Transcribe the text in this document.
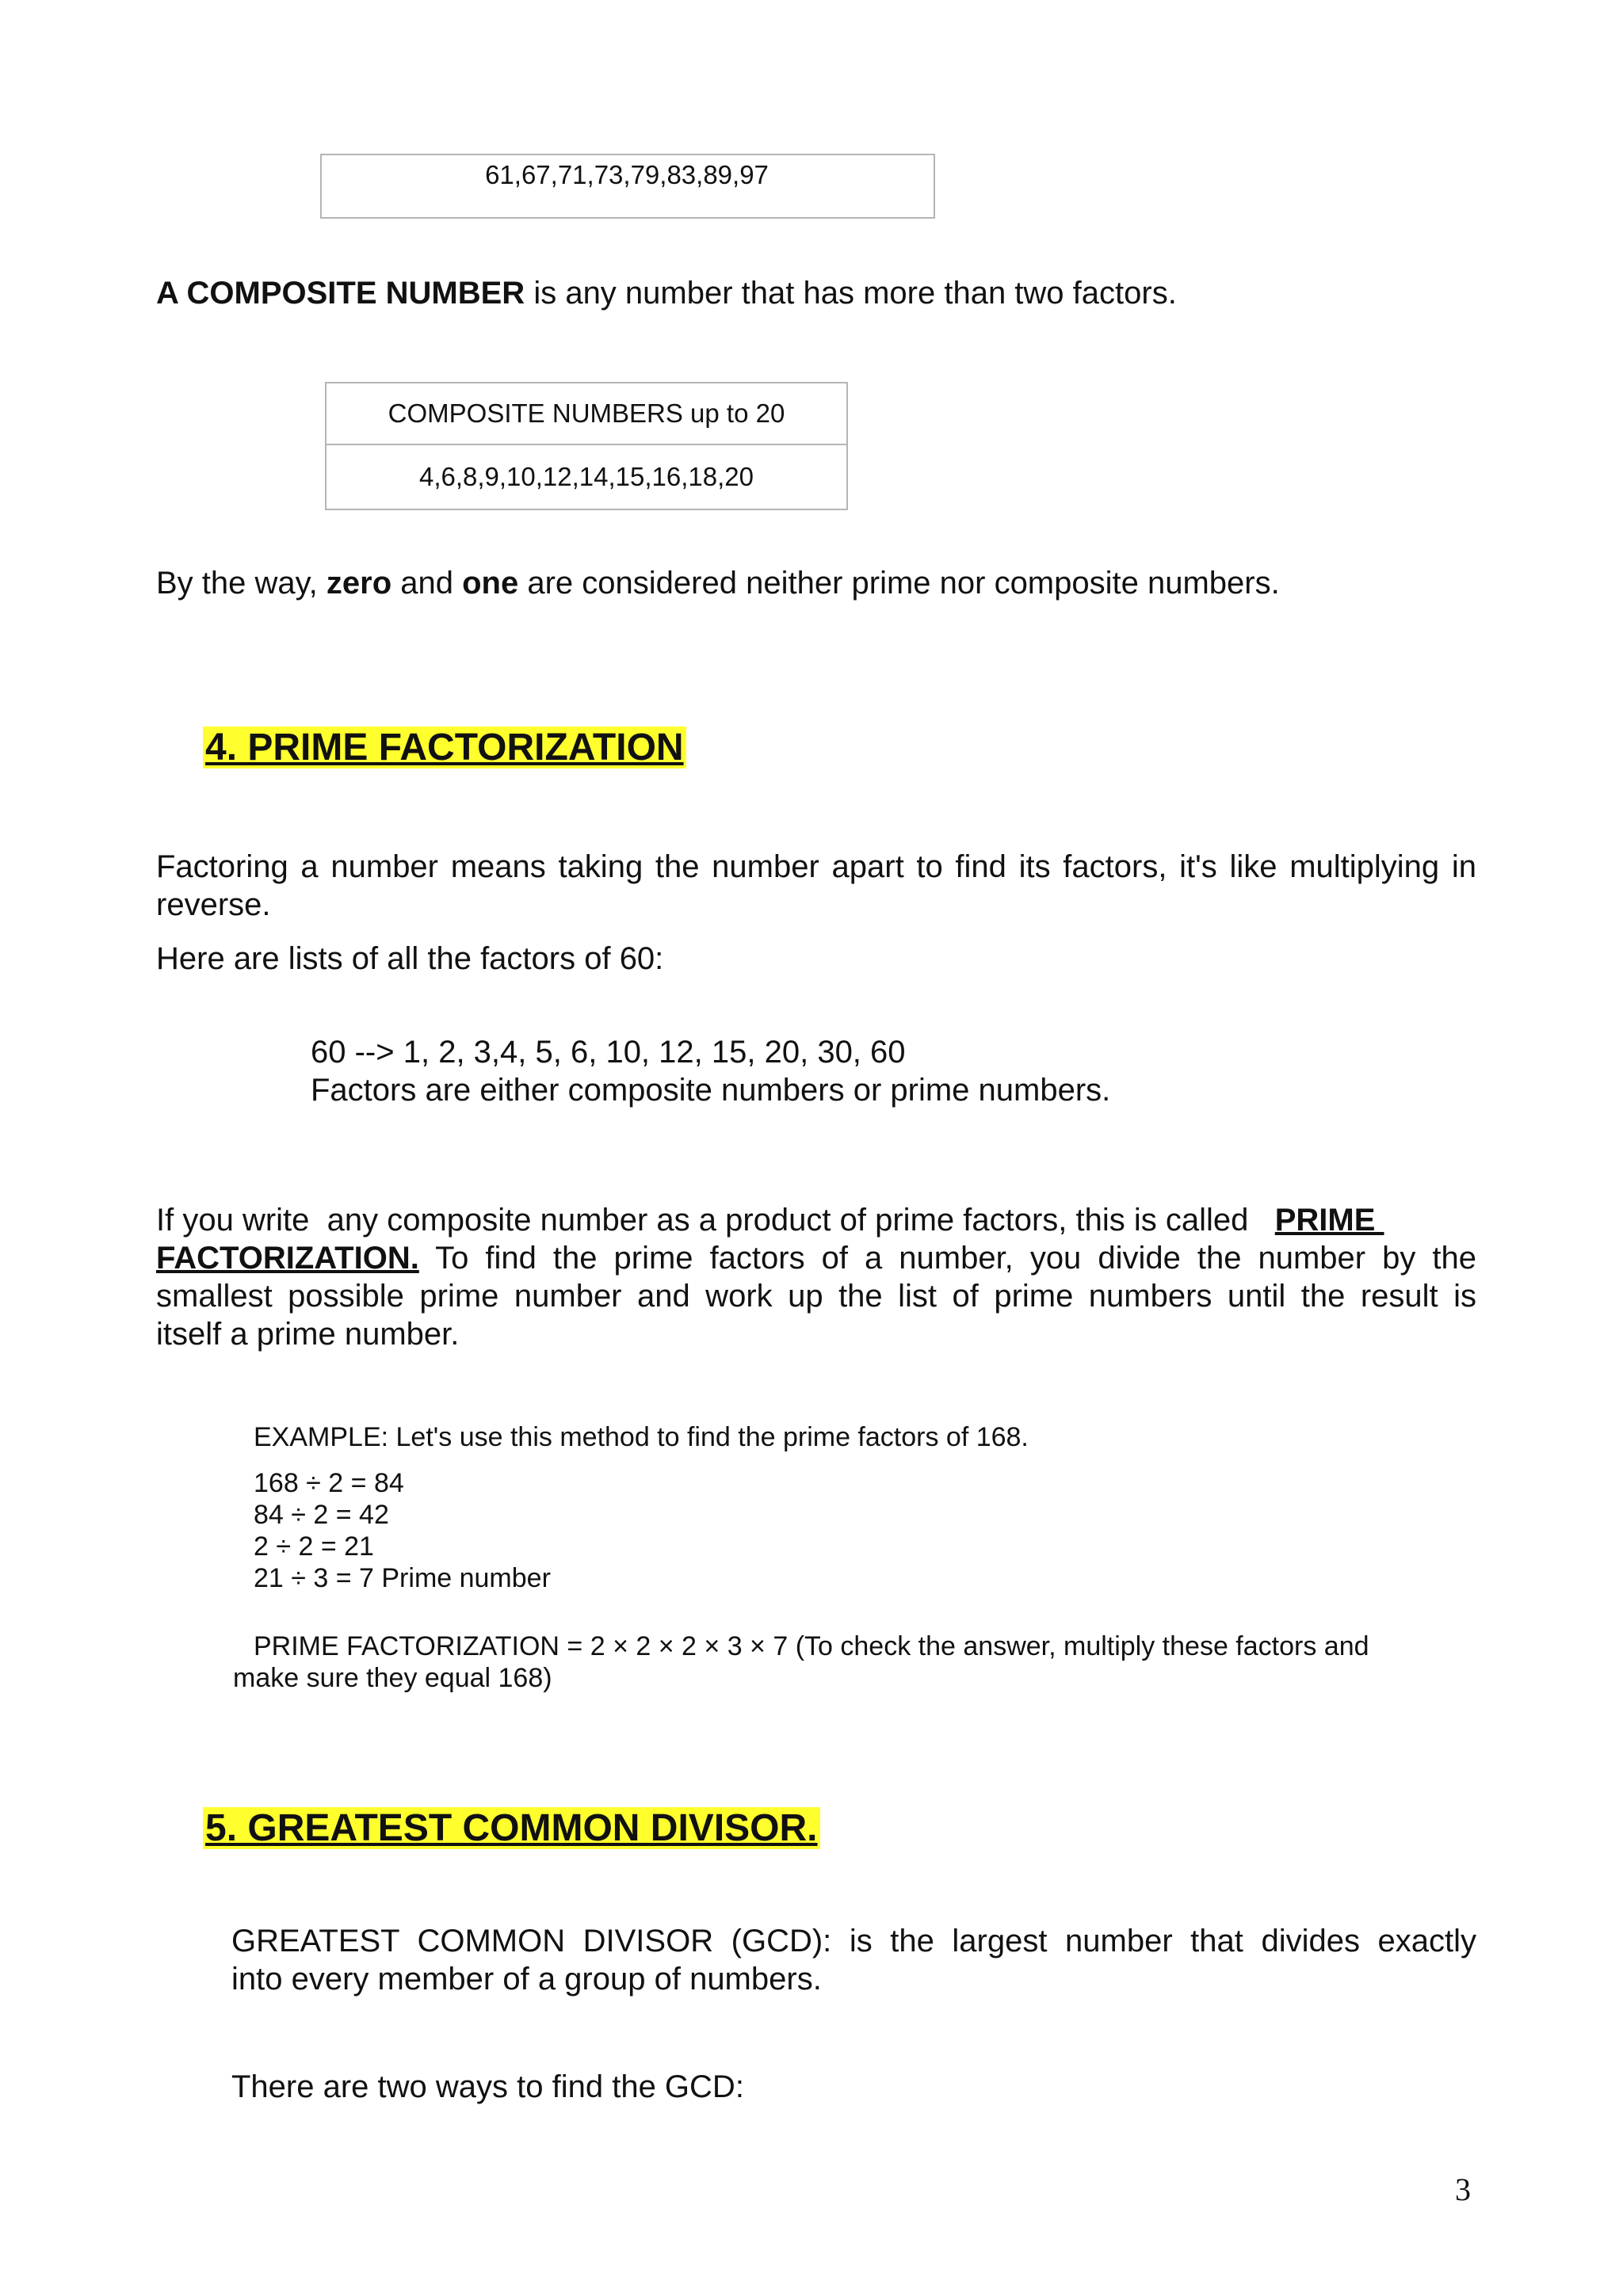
61,67,71,73,79,83,89,97
A COMPOSITE NUMBER is any number that has more than two factors.
COMPOSITE NUMBERS up to 20
4,6,8,9,10,12,14,15,16,18,20
By the way, zero and one are considered neither prime nor composite numbers.
4. PRIME FACTORIZATION
Factoring a number means taking the number apart to find its factors, it's like multiplying in
reverse.
Here are lists of all the factors of 60:
60 --> 1, 2, 3,4, 5, 6, 10, 12, 15, 20, 30, 60
Factors are either composite numbers or prime numbers.
If you write  any composite number as a product of prime factors, this is called   PRIME
FACTORIZATION. To find the prime factors of a number, you divide the number by the
smallest possible prime number and work up the list of prime numbers until the result is
itself a prime number.
EXAMPLE: Let's use this method to find the prime factors of 168.
168 ÷ 2 = 84
84 ÷ 2 = 42
2 ÷ 2 = 21
21 ÷ 3 = 7 Prime number
PRIME FACTORIZATION = 2 × 2 × 2 × 3 × 7 (To check the answer, multiply these factors and
make sure they equal 168)
5. GREATEST COMMON DIVISOR.
GREATEST COMMON DIVISOR (GCD): is the largest number that divides exactly
into every member of a group of numbers.
There are two ways to find the GCD:
3
